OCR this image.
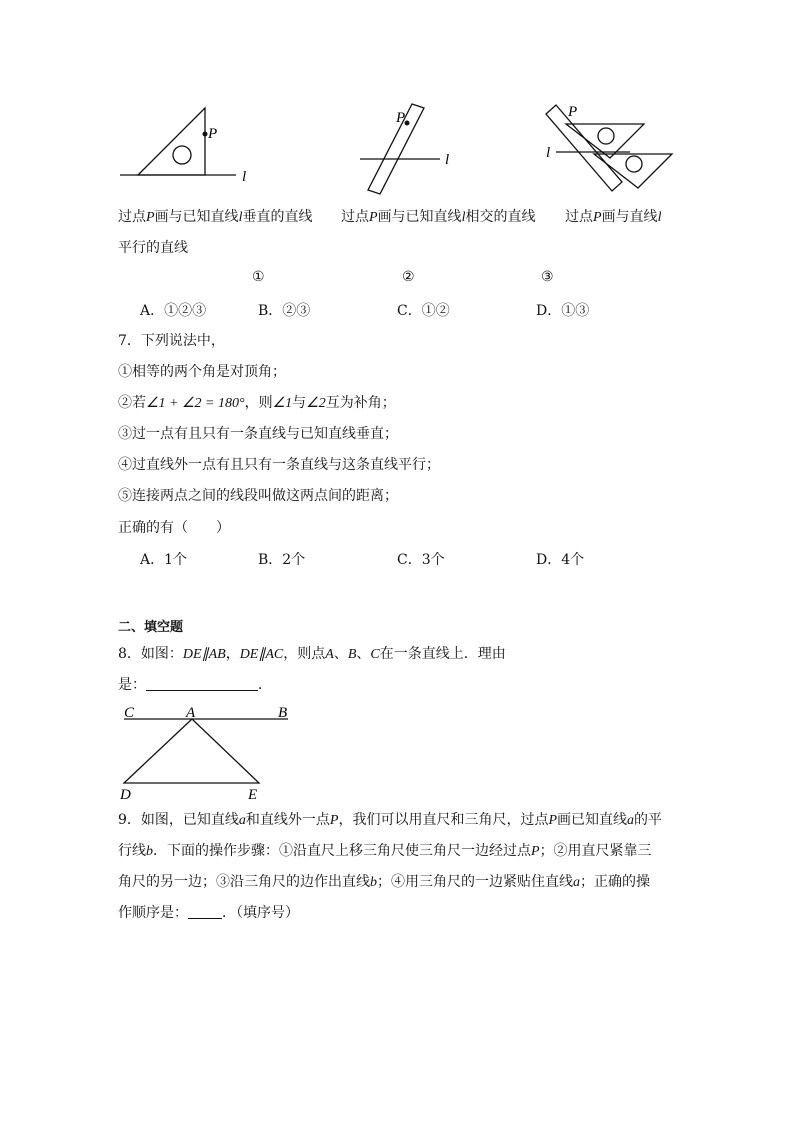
P
l
P
l
P
l
过点P画与已知直线l垂直的直线 过点P画与已知直线l相交的直线 过点P画与直线l
平行的直线
①	②	③
A．①②③	B．②③	C．①②	D．①③
7．下列说法中，
①相等的两个角是对顶角；
②若∠1 + ∠2 = 180°，则∠1与∠2互为补角；
③过一点有且只有一条直线与已知直线垂直；
④过直线外一点有且只有一条直线与这条直线平行；
⑤连接两点之间的线段叫做这两点间的距离；
正确的有（　　）
A．1个	B．2个	C．3个	D．4个
二、填空题
8．如图：DE∥AB，DE∥AC，则点A、B、C在一条直线上．理由
是：	．
C	A	B
D	E
9．如图，已知直线a和直线外一点P，我们可以用直尺和三角尺，过点P画已知直线a的平
行线b．下面的操作步骤：①沿直尺上移三角尺使三角尺一边经过点P；②用直尺紧靠三
角尺的另一边；③沿三角尺的边作出直线b；④用三角尺的一边紧贴住直线a；正确的操
作顺序是： ．（填序号）
